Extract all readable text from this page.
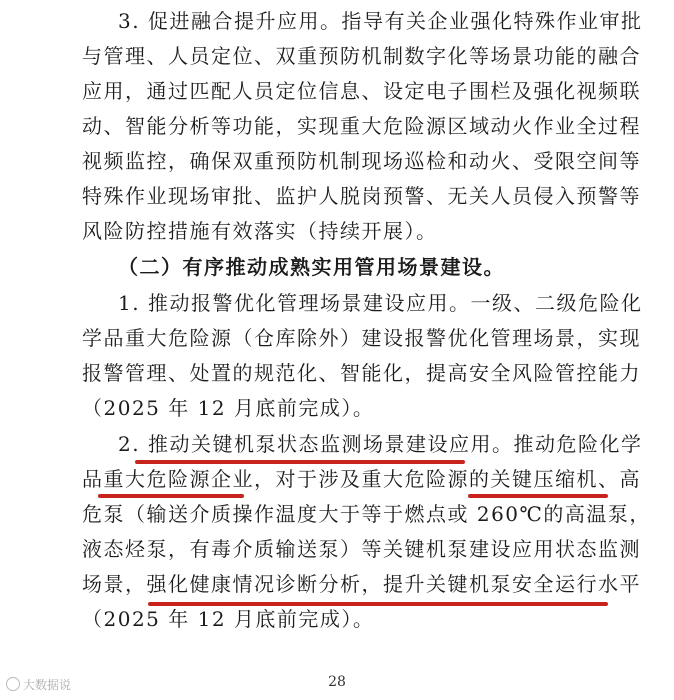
3. 促进融合提升应用。指导有关企业强化特殊作业审批
与管理、人员定位、双重预防机制数字化等场景功能的融合
应用，通过匹配人员定位信息、设定电子围栏及强化视频联
动、智能分析等功能，实现重大危险源区域动火作业全过程
视频监控，确保双重预防机制现场巡检和动火、受限空间等
特殊作业现场审批、监护人脱岗预警、无关人员侵入预警等
风险防控措施有效落实（持续开展）。
（二）有序推动成熟实用管用场景建设。
1. 推动报警优化管理场景建设应用。一级、二级危险化
学品重大危险源（仓库除外）建设报警优化管理场景，实现
报警管理、处置的规范化、智能化，提高安全风险管控能力
（2025 年 12 月底前完成）。
2. 推动关键机泵状态监测场景建设应用。推动危险化学
品重大危险源企业，对于涉及重大危险源的关键压缩机、高
危泵（输送介质操作温度大于等于燃点或 260℃的高温泵，
液态烃泵，有毒介质输送泵）等关键机泵建设应用状态监测
场景，强化健康情况诊断分析，提升关键机泵安全运行水平
（2025 年 12 月底前完成）。
28
大数据说
